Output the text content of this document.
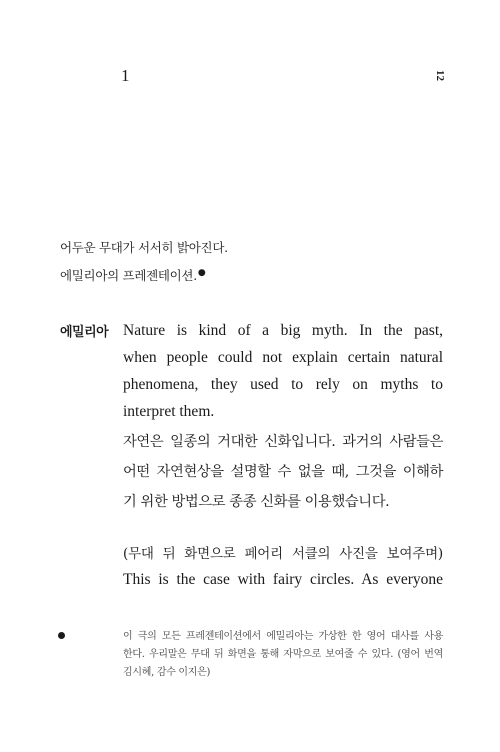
1	12
어두운 무대가 서서히 밝아진다.
에밀리아의 프레젠테이션.●
에밀리아 Nature is kind of a big myth. In the past,
when people could not explain certain natural
phenomena, they used to rely on myths to
interpret them.
자연은 일종의 거대한 신화입니다. 과거의 사람들은
어떤 자연현상을 설명할 수 없을 때, 그것을 이해하
기 위한 방법으로 종종 신화를 이용했습니다.
(무대 뒤 화면으로 페어리 서클의 사진을 보여주며)
This is the case with fairy circles. As everyone
이 극의 모든 프레젠테이션에서 에밀리아는 가상한 한 영어 대사를 사용
한다. 우리말은 무대 뒤 화면을 통해 자막으로 보여줄 수 있다. (영어 번역
김시혜, 감수 이지은)
